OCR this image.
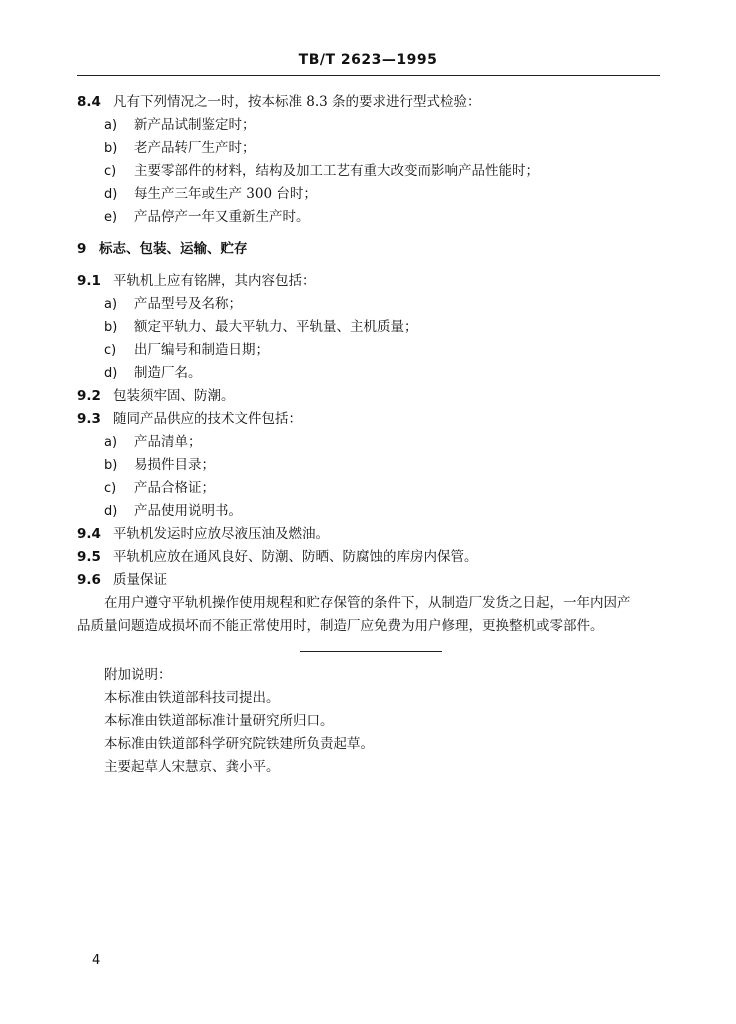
TB/T 2623—1995
8.4 凡有下列情况之一时，按本标准 8.3 条的要求进行型式检验：
a) 新产品试制鉴定时；
b) 老产品转厂生产时；
c) 主要零部件的材料，结构及加工工艺有重大改变而影响产品性能时；
d) 每生产三年或生产 300 台时；
e) 产品停产一年又重新生产时。
9 标志、包装、运输、贮存
9.1 平轨机上应有铭牌，其内容包括：
a) 产品型号及名称；
b) 额定平轨力、最大平轨力、平轨量、主机质量；
c) 出厂编号和制造日期；
d) 制造厂名。
9.2 包装须牢固、防潮。
9.3 随同产品供应的技术文件包括：
a) 产品清单；
b) 易损件目录；
c) 产品合格证；
d) 产品使用说明书。
9.4 平轨机发运时应放尽液压油及燃油。
9.5 平轨机应放在通风良好、防潮、防晒、防腐蚀的库房内保管。
9.6 质量保证
在用户遵守平轨机操作使用规程和贮存保管的条件下，从制造厂发货之日起，一年内因产
品质量问题造成损坏而不能正常使用时，制造厂应免费为用户修理，更换整机或零部件。
附加说明：
本标准由铁道部科技司提出。
本标准由铁道部标准计量研究所归口。
本标准由铁道部科学研究院铁建所负责起草。
主要起草人宋慧京、龚小平。
4
